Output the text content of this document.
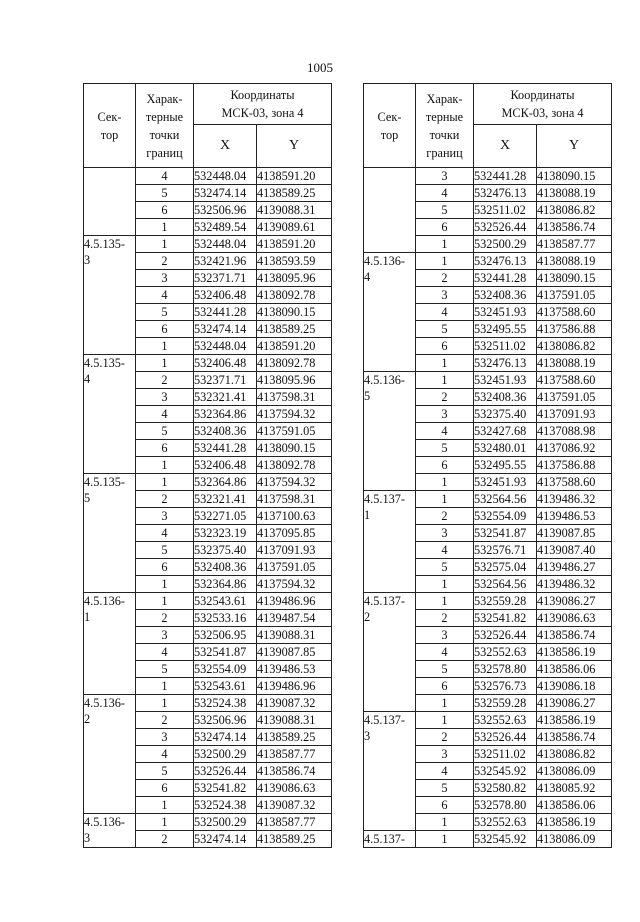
1005
Сек-
тор	Харак-
терные
точки
границ	Координаты
МСК-03, зона 4	

		X	Y
	4	532448.04	4138591.20
	5	532474.14	4138589.25
	6	532506.96	4139088.31
	1	532489.54	4139089.61

4.5.135-
3	1	532448.04	4138591.20
	2	532421.96	4138593.59
	3	532371.71	4138095.96
	4	532406.48	4138092.78
	5	532441.28	4138090.15
	6	532474.14	4138589.25
	1	532448.04	4138591.20

4.5.135-
4	1	532406.48	4138092.78
	2	532371.71	4138095.96
	3	532321.41	4137598.31
	4	532364.86	4137594.32
	5	532408.36	4137591.05
	6	532441.28	4138090.15
	1	532406.48	4138092.78

4.5.135-
5	1	532364.86	4137594.32
	2	532321.41	4137598.31
	3	532271.05	4137100.63
	4	532323.19	4137095.85
	5	532375.40	4137091.93
	6	532408.36	4137591.05
	1	532364.86	4137594.32

4.5.136-
1	1	532543.61	4139486.96
	2	532533.16	4139487.54
	3	532506.95	4139088.31
	4	532541.87	4139087.85
	5	532554.09	4139486.53
	1	532543.61	4139486.96

4.5.136-
2	1	532524.38	4139087.32
	2	532506.96	4139088.31
	3	532474.14	4138589.25
	4	532500.29	4138587.77
	5	532526.44	4138586.74
	6	532541.82	4139086.63
	1	532524.38	4139087.32

4.5.136-
3	1	532500.29	4138587.77
	2	532474.14	4138589.25
Сек-
тор	Харак-
терные
точки
границ	Координаты
МСК-03, зона 4	

		X	Y
	3	532441.28	4138090.15
	4	532476.13	4138088.19
	5	532511.02	4138086.82
	6	532526.44	4138586.74
	1	532500.29	4138587.77

4.5.136-
4	1	532476.13	4138088.19
	2	532441.28	4138090.15
	3	532408.36	4137591.05
	4	532451.93	4137588.60
	5	532495.55	4137586.88
	6	532511.02	4138086.82
	1	532476.13	4138088.19

4.5.136-
5	1	532451.93	4137588.60
	2	532408.36	4137591.05
	3	532375.40	4137091.93
	4	532427.68	4137088.98
	5	532480.01	4137086.92
	6	532495.55	4137586.88
	1	532451.93	4137588.60

4.5.137-
1	1	532564.56	4139486.32
	2	532554.09	4139486.53
	3	532541.87	4139087.85
	4	532576.71	4139087.40
	5	532575.04	4139486.27
	1	532564.56	4139486.32

4.5.137-
2	1	532559.28	4139086.27
	2	532541.82	4139086.63
	3	532526.44	4138586.74
	4	532552.63	4138586.19
	5	532578.80	4138586.06
	6	532576.73	4139086.18
	1	532559.28	4139086.27

4.5.137-
3	1	532552.63	4138586.19
	2	532526.44	4138586.74
	3	532511.02	4138086.82
	4	532545.92	4138086.09
	5	532580.82	4138085.92
	6	532578.80	4138586.06
	1	532552.63	4138586.19

4.5.137-	1	532545.92	4138086.09
